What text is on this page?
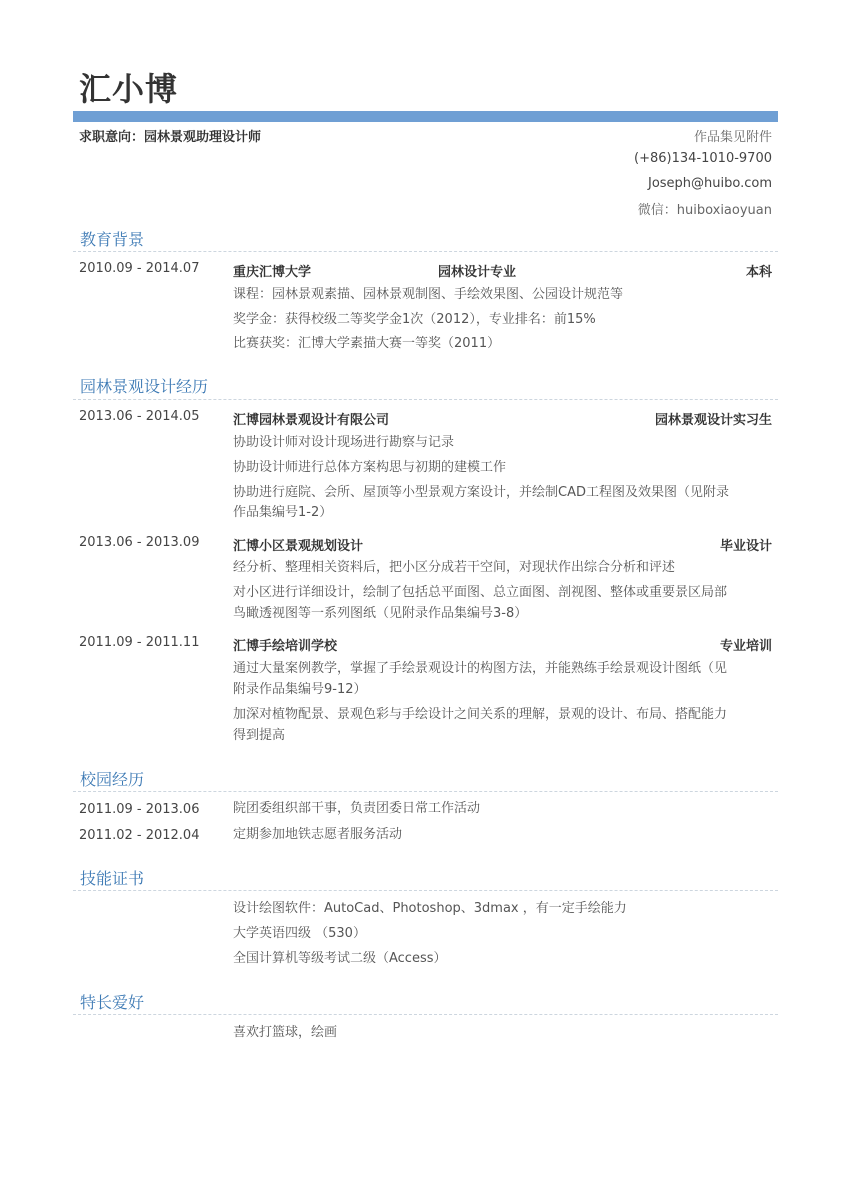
汇小博
求职意向：园林景观助理设计师	作品集见附件
(+86)134-1010-9700
Joseph@huibo.com
微信：huiboxiaoyuan
教育背景
2010.09 - 2014.07	重庆汇博大学	园林设计专业	本科
课程：园林景观素描、园林景观制图、手绘效果图、公园设计规范等
奖学金：获得校级二等奖学金1次（2012），专业排名：前15%
比赛获奖：汇博大学素描大赛一等奖（2011）
园林景观设计经历
2013.06 - 2014.05	汇博园林景观设计有限公司	园林景观设计实习生
协助设计师对设计现场进行勘察与记录
协助设计师进行总体方案构思与初期的建模工作
协助进行庭院、会所、屋顶等小型景观方案设计，并绘制CAD工程图及效果图（见附录
作品集编号1-2）
2013.06 - 2013.09	汇博小区景观规划设计	毕业设计
经分析、整理相关资料后，把小区分成若干空间，对现状作出综合分析和评述
对小区进行详细设计，绘制了包括总平面图、总立面图、剖视图、整体或重要景区局部
鸟瞰透视图等一系列图纸（见附录作品集编号3-8）
2011.09 - 2011.11	汇博手绘培训学校	专业培训
通过大量案例教学，掌握了手绘景观设计的构图方法，并能熟练手绘景观设计图纸（见
附录作品集编号9-12）
加深对植物配景、景观色彩与手绘设计之间关系的理解，景观的设计、布局、搭配能力
得到提高
校园经历
2011.09 - 2013.06	院团委组织部干事，负责团委日常工作活动
2011.02 - 2012.04	定期参加地铁志愿者服务活动
技能证书
设计绘图软件：AutoCad、Photoshop、3dmax ，有一定手绘能力
大学英语四级 （530）
全国计算机等级考试二级（Access）
特长爱好
喜欢打篮球，绘画
